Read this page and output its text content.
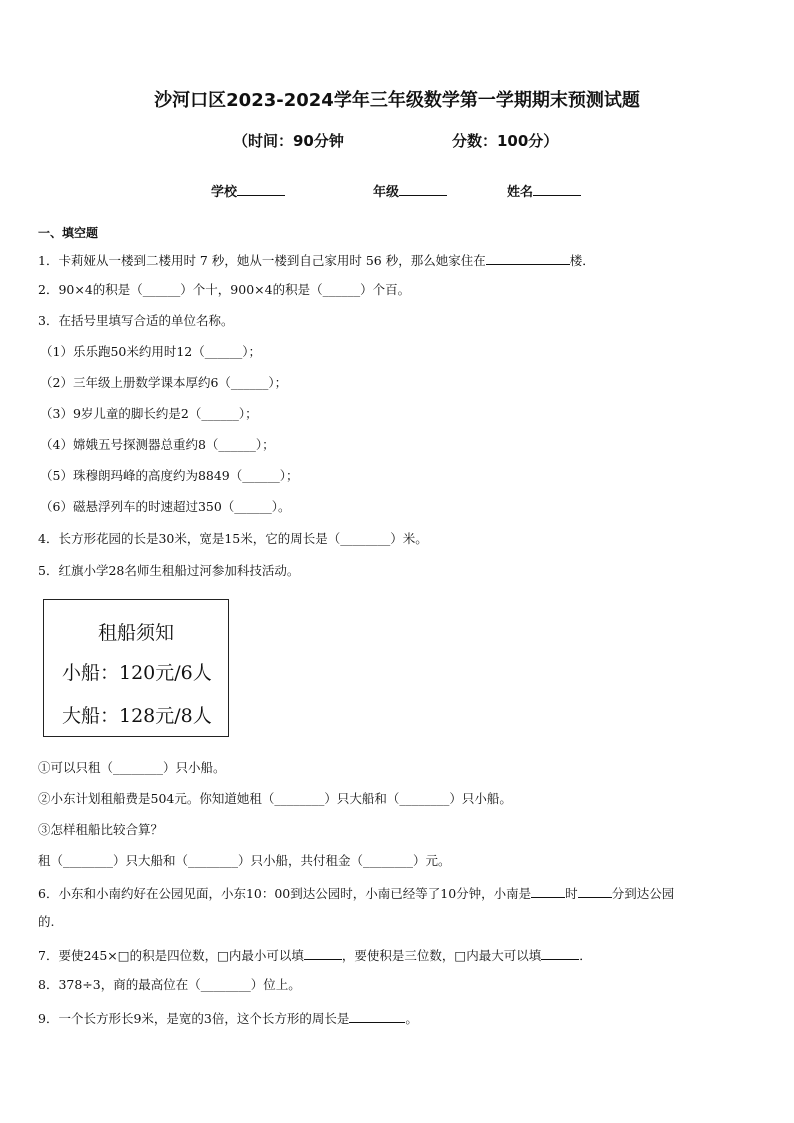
沙河口区2023-2024学年三年级数学第一学期期末预测试题
（时间：90分钟	分数：100分）
学校	年级	姓名
一、填空题
1．卡莉娅从一楼到二楼用时 7 秒，她从一楼到自己家用时 56 秒，那么她家住在	楼．
2．90×4的积是（______）个十，900×4的积是（______）个百。
3．在括号里填写合适的单位名称。
（1）乐乐跑50米约用时12（______）；
（2）三年级上册数学课本厚约6（______）；
（3）9岁儿童的脚长约是2（______）；
（4）嫦娥五号探测器总重约8（______）；
（5）珠穆朗玛峰的高度约为8849（______）；
（6）磁悬浮列车的时速超过350（______）。
4．长方形花园的长是30米，宽是15米，它的周长是（________）米。
5．红旗小学28名师生租船过河参加科技活动。
租船须知
小船：120元/6人
大船：128元/8人
①可以只租（________）只小船。
②小东计划租船费是504元。你知道她租（________）只大船和（________）只小船。
③怎样租船比较合算？
租（________）只大船和（________）只小船，共付租金（________）元。
6．小东和小南约好在公园见面，小东10：00到达公园时，小南已经等了10分钟，小南是	时	分到达公园
的.
7．要使245×□的积是四位数，□内最小可以填	，要使积是三位数，□内最大可以填	．
8．378÷3，商的最高位在（________）位上。
9．一个长方形长9米，是宽的3倍，这个长方形的周长是	。
